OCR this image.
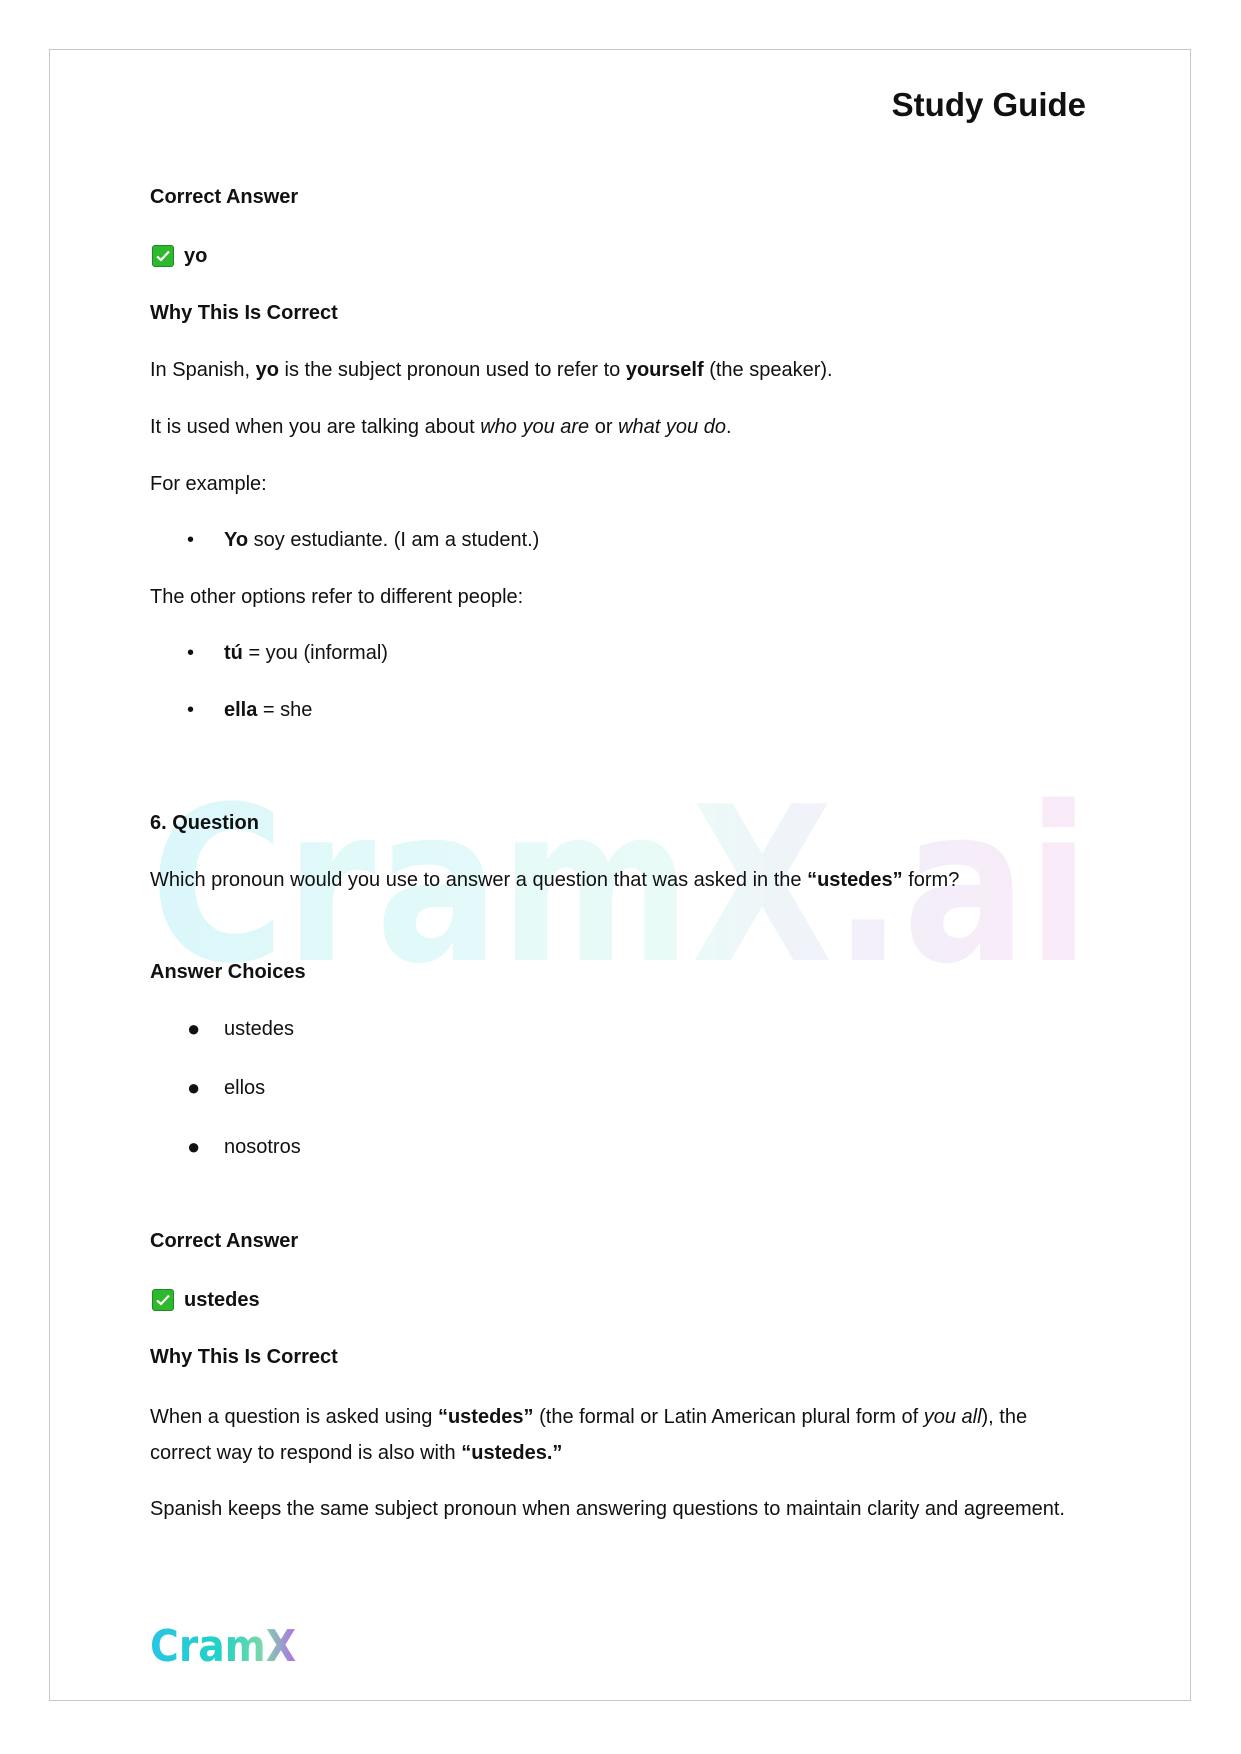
CramX.ai
Study Guide
Correct Answer
yo
Why This Is Correct
In Spanish, yo is the subject pronoun used to refer to yourself (the speaker).
It is used when you are talking about who you are or what you do.
For example:
• Yo soy estudiante. (I am a student.)
The other options refer to different people:
• tú = you (informal)
• ella = she
6. Question
Which pronoun would you use to answer a question that was asked in the “ustedes” form?
Answer Choices
● ustedes
● ellos
● nosotros
Correct Answer
ustedes
Why This Is Correct
When a question is asked using “ustedes” (the formal or Latin American plural form of you all), the correct way to respond is also with “ustedes.”
Spanish keeps the same subject pronoun when answering questions to maintain clarity and agreement.
CramX
